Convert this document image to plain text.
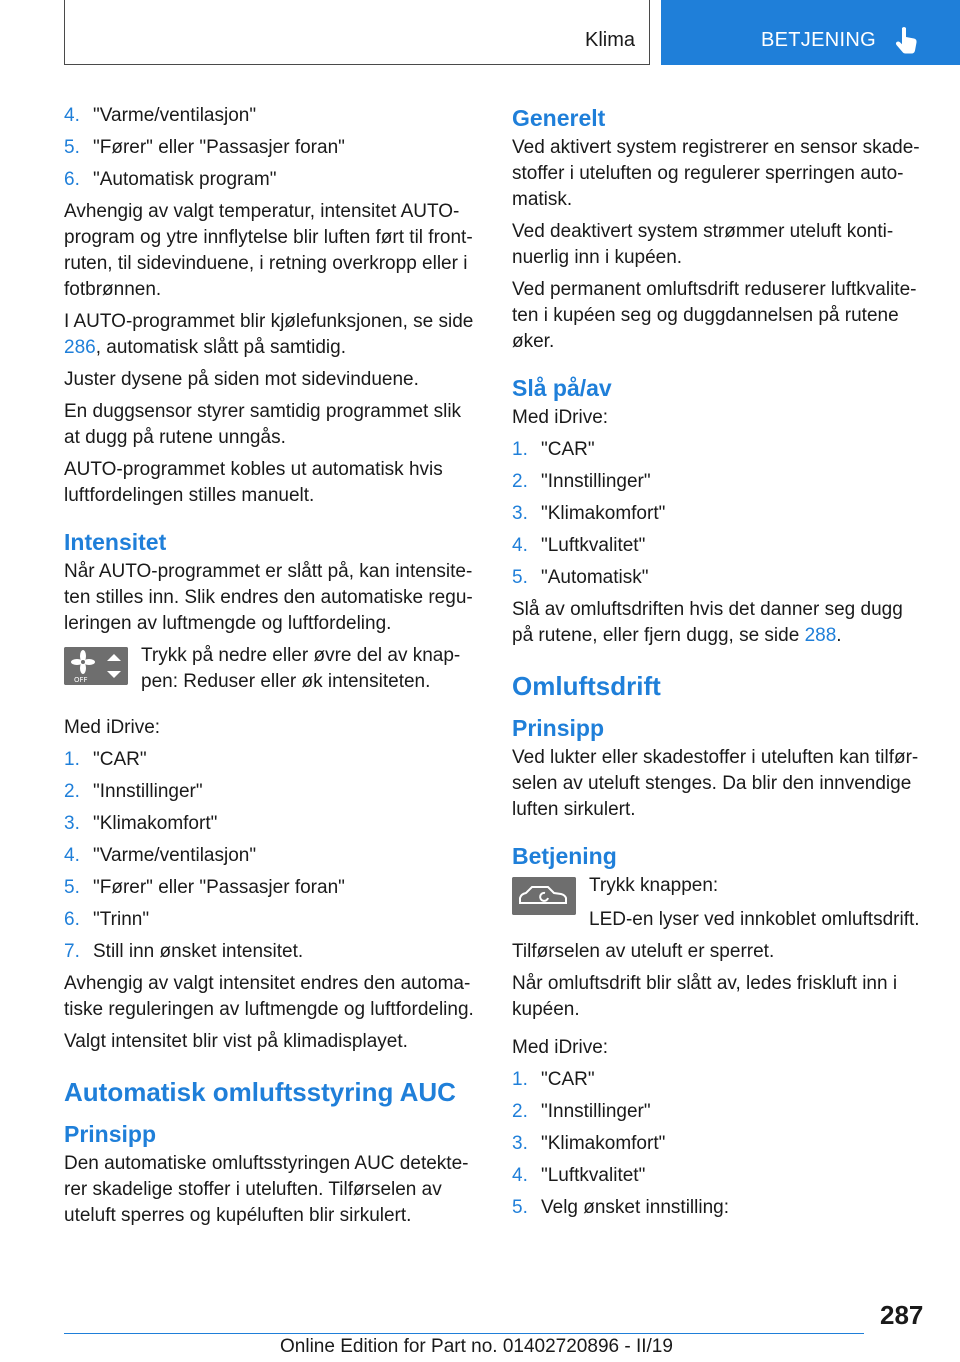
Klima	BETJENING
4. "Varme/ventilasjon"
5. "Fører" eller "Passasjer foran"
6. "Automatisk program"

Avhengig av valgt temperatur, intensitet AUTO-program og ytre innflytelse blir luften ført til front-ruten, til sidevinduene, i retning overkropp eller i fotbrønnen.

I AUTO-programmet blir kjølefunksjonen, se side 286, automatisk slått på samtidig.

Juster dysene på siden mot sidevinduene.

En duggsensor styrer samtidig programmet slik at dugg på rutene unngås.

AUTO-programmet kobles ut automatisk hvis luftfordelingen stilles manuelt.

Intensitet

Når AUTO-programmet er slått på, kan intensite-ten stilles inn. Slik endres den automatiske regu-leringen av luftmengde og luftfordeling.

OFF

Trykk på nedre eller øvre del av knap-pen: Reduser eller øk intensiteten.

Med iDrive:

1. "CAR"
2. "Innstillinger"
3. "Klimakomfort"
4. "Varme/ventilasjon"
5. "Fører" eller "Passasjer foran"
6. "Trinn"
7. Still inn ønsket intensitet.

Avhengig av valgt intensitet endres den automa-tiske reguleringen av luftmengde og luftfordeling.

Valgt intensitet blir vist på klimadisplayet.

Automatisk omluftsstyring AUC
Prinsipp

Den automatiske omluftsstyringen AUC detekte-rer skadelige stoffer i uteluften. Tilførselen av uteluft sperres og kupéluften blir sirkulert.

Generelt

Ved aktivert system registrerer en sensor skade-stoffer i uteluften og regulerer sperringen auto-matisk.

Ved deaktivert system strømmer uteluft konti-nuerlig inn i kupéen.

Ved permanent omluftsdrift reduserer luftkvalite-ten i kupéen seg og duggdannelsen på rutene øker.

Slå på/av

Med iDrive:

1. "CAR"
2. "Innstillinger"
3. "Klimakomfort"
4. "Luftkvalitet"
5. "Automatisk"

Slå av omluftsdriften hvis det danner seg dugg på rutene, eller fjern dugg, se side 288.

Omluftsdrift
Prinsipp

Ved lukter eller skadestoffer i uteluften kan tilfør-selen av uteluft stenges. Da blir den innvendige luften sirkulert.

Betjening

Trykk knappen:

LED-en lyser ved innkoblet omluftsdrift.

Tilførselen av uteluft er sperret.

Når omluftsdrift blir slått av, ledes friskluft inn i kupéen.

Med iDrive:

1. "CAR"
2. "Innstillinger"
3. "Klimakomfort"
4. "Luftkvalitet"
5. Velg ønsket innstilling:
287
Online Edition for Part no. 01402720896 - II/19
